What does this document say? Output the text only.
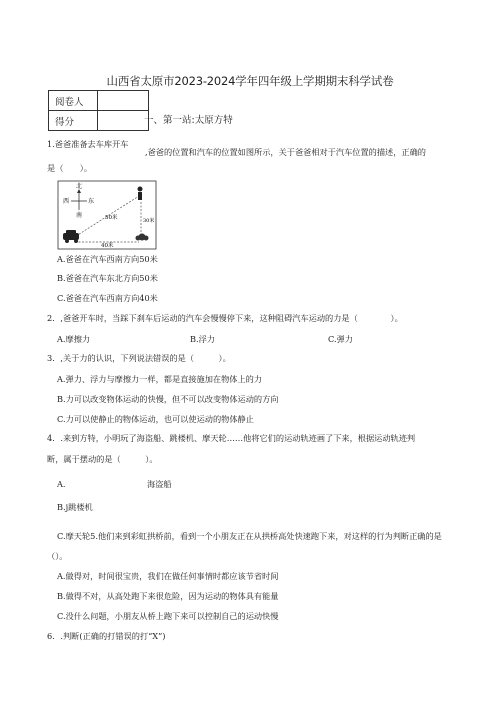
山西省太原市2023-2024学年四年级上学期期末科学试卷
阅卷人	
得分		一、第一站:太原方特
1.爸爸准备去车库开车
,爸爸的位置和汽车的位置如图所示，关于爸爸相对于汽车位置的描述，正确的
是（　　）。
北
南
西	东
50米	30米
40米
A.爸爸在汽车西南方向50米
B.爸爸在汽车东北方向50米
C.爸爸在汽车西南方向40米
2．,爸爸开车时，当踩下刹车后运动的汽车会慢慢停下来，这种阻碍汽车运动的力是（　　　　）。
A.摩擦力	B.浮力	C.弹力
3．,关于力的认识，下列说法错误的是（　　　）。
A.弹力、浮力与摩擦力一样，都是直接施加在物体上的力
B.力可以改变物体运动的快慢，但不可以改变物体运动的方向
C.力可以使静止的物体运动，也可以使运动的物体静止
4．.来到方特，小明玩了海盗船、跳楼机、摩天轮……他将它们的运动轨迹画了下来，根据运动轨迹判
断，属于摆动的是（　　　）。
A.	海盗船
B.j跳楼机
C.摩天轮5.他们来到彩虹拱桥前，看到一个小朋友正在从拱桥高处快速跑下来，对这样的行为判断正确的是
（）。
A.做得对，时间很宝贵，我们在做任何事情时都应该节省时间
B.做得不对，从高处跑下来很危险，因为运动的物体具有能量
C.没什么问题，小朋友从桥上跑下来可以控制自己的运动快慢
6．.判断(正确的打错误的打“X”)
